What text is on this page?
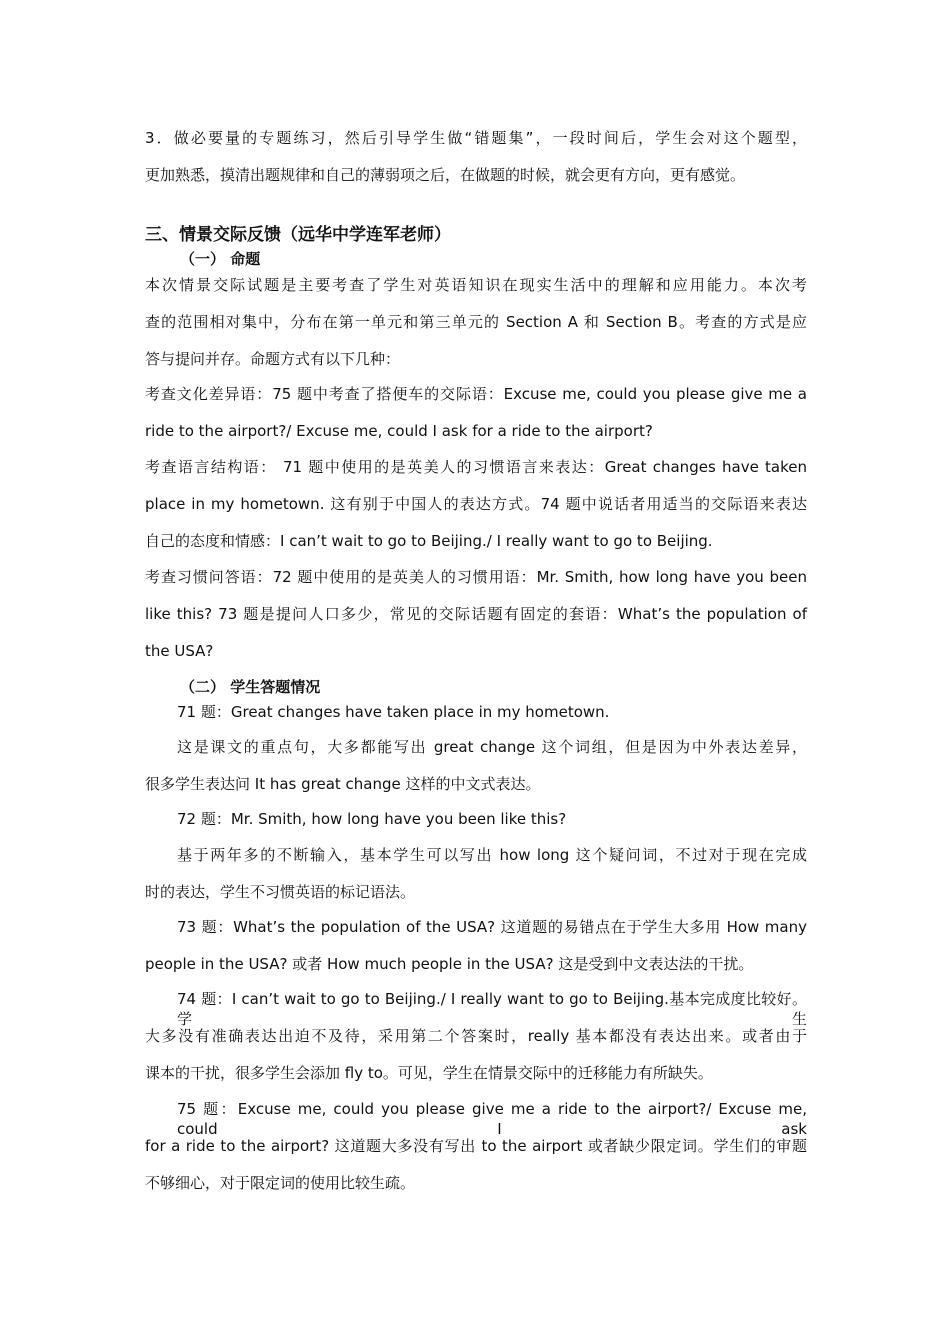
3．做必要量的专题练习，然后引导学生做“错题集”，一段时间后，学生会对这个题型，
更加熟悉，摸清出题规律和自己的薄弱项之后，在做题的时候，就会更有方向，更有感觉。
三、情景交际反馈（远华中学连军老师）
（一） 命题
本次情景交际试题是主要考查了学生对英语知识在现实生活中的理解和应用能力。本次考
查的范围相对集中，分布在第一单元和第三单元的 Section A 和 Section B。考查的方式是应
答与提问并存。命题方式有以下几种：
考查文化差异语：75 题中考查了搭便车的交际语：Excuse me, could you please give me a
ride to the airport?/ Excuse me, could I ask for a ride to the airport?
考查语言结构语： 71 题中使用的是英美人的习惯语言来表达：Great changes have taken
place in my hometown. 这有别于中国人的表达方式。74 题中说话者用适当的交际语来表达
自己的态度和情感：I can’t wait to go to Beijing./ I really want to go to Beijing.
考查习惯问答语：72 题中使用的是英美人的习惯用语：Mr. Smith, how long have you been
like this? 73 题是提问人口多少，常见的交际话题有固定的套语：What’s the population of
the USA?
（二） 学生答题情况
71 题：Great changes have taken place in my hometown.
这是课文的重点句，大多都能写出 great change 这个词组，但是因为中外表达差异，
很多学生表达问 It has great change 这样的中文式表达。
72 题：Mr. Smith, how long have you been like this?
基于两年多的不断输入，基本学生可以写出 how long 这个疑问词，不过对于现在完成
时的表达，学生不习惯英语的标记语法。
73 题：What’s the population of the USA? 这道题的易错点在于学生大多用 How many
people in the USA? 或者 How much people in the USA? 这是受到中文表达法的干扰。
74 题：I can’t wait to go to Beijing./ I really want to go to Beijing.基本完成度比较好。学生
大多没有准确表达出迫不及待，采用第二个答案时，really 基本都没有表达出来。或者由于
课本的干扰，很多学生会添加 fly to。可见，学生在情景交际中的迁移能力有所缺失。
75 题：Excuse me, could you please give me a ride to the airport?/ Excuse me, could I ask
for a ride to the airport? 这道题大多没有写出 to the airport 或者缺少限定词。学生们的审题
不够细心，对于限定词的使用比较生疏。
